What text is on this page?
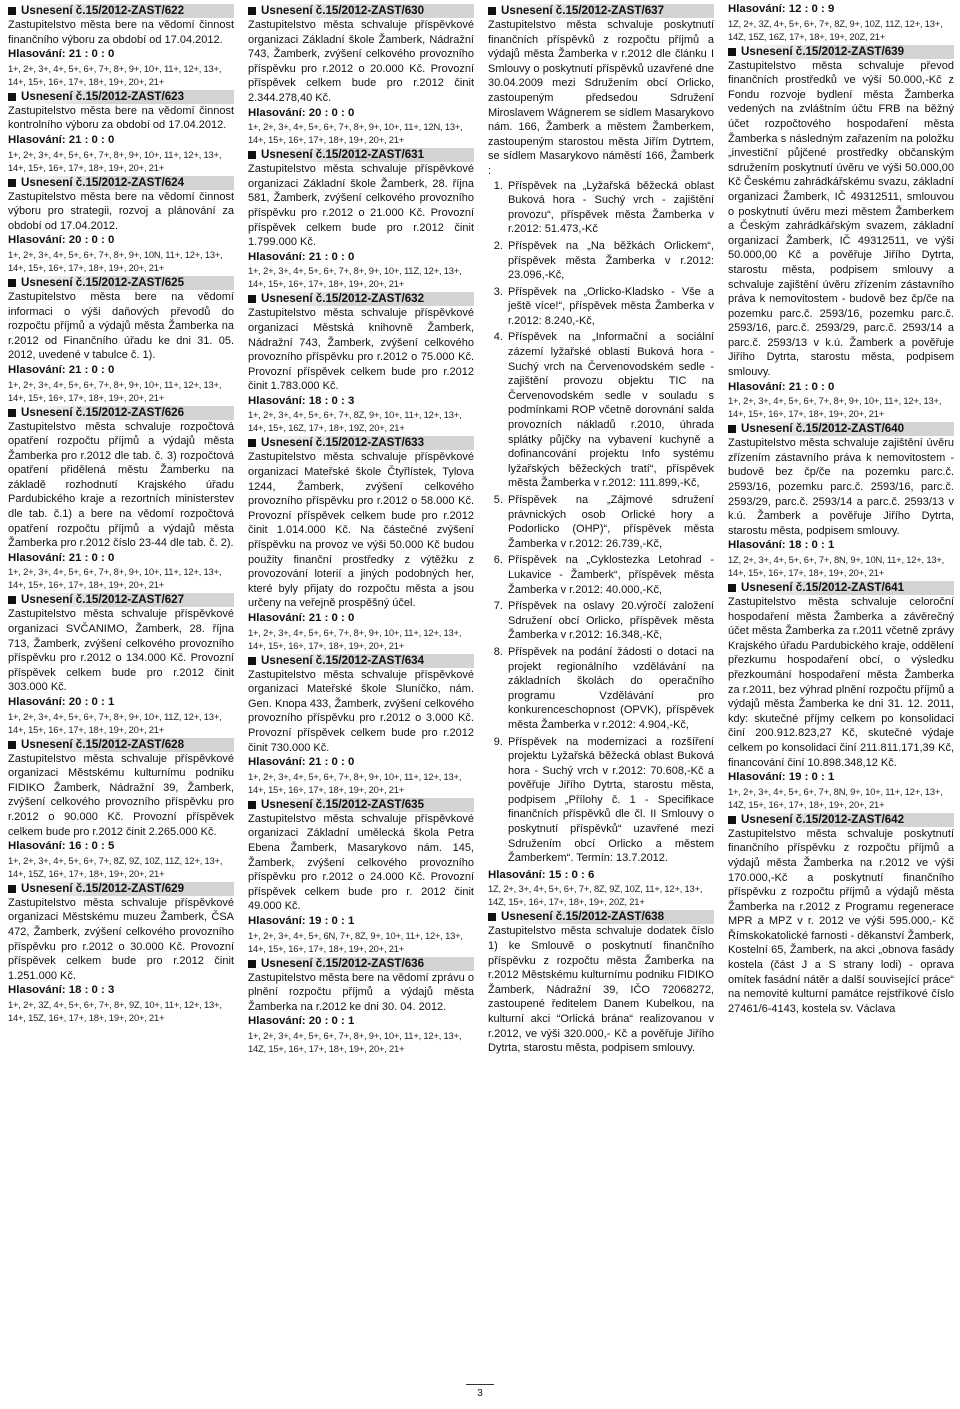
Usnesení č.15/2012-ZAST/622

Zastupitelstvo města bere na vědomí činnost finančního výboru za období od 17.04.2012.

Hlasování: 21 : 0 : 0

1+, 2+, 3+, 4+, 5+, 6+, 7+, 8+, 9+, 10+, 11+, 12+, 13+, 14+, 15+, 16+, 17+, 18+, 19+, 20+, 21+

Usnesení č.15/2012-ZAST/623

Zastupitelstvo města bere na vědomí činnost kontrolního výboru za období od 17.04.2012.

Hlasování: 21 : 0 : 0

1+, 2+, 3+, 4+, 5+, 6+, 7+, 8+, 9+, 10+, 11+, 12+, 13+, 14+, 15+, 16+, 17+, 18+, 19+, 20+, 21+

Usnesení č.15/2012-ZAST/624

Zastupitelstvo města bere na vědomí činnost výboru pro strategii, rozvoj a plánování za období od 17.04.2012.

Hlasování: 20 : 0 : 0

1+, 2+, 3+, 4+, 5+, 6+, 7+, 8+, 9+, 10N, 11+, 12+, 13+, 14+, 15+, 16+, 17+, 18+, 19+, 20+, 21+

Usnesení č.15/2012-ZAST/625

Zastupitelstvo města bere na vědomí informaci o výši daňových převodů do rozpočtu příjmů a výdajů města Žamberka na r.2012 od Finančního úřadu ke dni 31. 05. 2012, uvedené v tabulce č. 1).

Hlasování: 21 : 0 : 0

1+, 2+, 3+, 4+, 5+, 6+, 7+, 8+, 9+, 10+, 11+, 12+, 13+, 14+, 15+, 16+, 17+, 18+, 19+, 20+, 21+

Usnesení č.15/2012-ZAST/626

Zastupitelstvo města schvaluje rozpočtová opatření rozpočtu příjmů a výdajů města Žamberka pro r.2012 dle tab. č. 3) rozpočtová opatření přidělená městu Žamberku na základě rozhodnutí Krajského úřadu Pardubického kraje a rezortních ministerstev dle tab. č.1) a bere na vědomí rozpočtová opatření rozpočtu příjmů a výdajů města Žamberka pro r.2012 číslo 23-44 dle tab. č. 2).

Hlasování: 21 : 0 : 0

1+, 2+, 3+, 4+, 5+, 6+, 7+, 8+, 9+, 10+, 11+, 12+, 13+, 14+, 15+, 16+, 17+, 18+, 19+, 20+, 21+

Usnesení č.15/2012-ZAST/627

Zastupitelstvo města schvaluje příspěvkové organizaci SVČANIMO, Žamberk, 28. října 713, Žamberk, zvýšení celkového provozního příspěvku pro r.2012 o 134.000 Kč. Provozní příspěvek celkem bude pro r.2012 činit 303.000 Kč.

Hlasování: 20 : 0 : 1

1+, 2+, 3+, 4+, 5+, 6+, 7+, 8+, 9+, 10+, 11Z, 12+, 13+, 14+, 15+, 16+, 17+, 18+, 19+, 20+, 21+

Usnesení č.15/2012-ZAST/628

Zastupitelstvo města schvaluje příspěvkové organizaci Městskému kulturnímu podniku FIDIKO Žamberk, Nádražní 39, Žamberk, zvýšení celkového provozního příspěvku pro r.2012 o 90.000 Kč. Provozní příspěvek celkem bude pro r.2012 činit 2.265.000 Kč.

Hlasování: 16 : 0 : 5

1+, 2+, 3+, 4+, 5+, 6+, 7+, 8Z, 9Z, 10Z, 11Z, 12+, 13+, 14+, 15Z, 16+, 17+, 18+, 19+, 20+, 21+

Usnesení č.15/2012-ZAST/629

Zastupitelstvo města schvaluje příspěvkové organizaci Městskému muzeu Žamberk, ČSA 472, Žamberk, zvýšení celkového provozního příspěvku pro r.2012 o 30.000 Kč. Provozní příspěvek celkem bude pro r.2012 činit 1.251.000 Kč.

Hlasování: 18 : 0 : 3

1+, 2+, 3Z, 4+, 5+, 6+, 7+, 8+, 9Z, 10+, 11+, 12+, 13+, 14+, 15Z, 16+, 17+, 18+, 19+, 20+, 21+

Usnesení č.15/2012-ZAST/630

Zastupitelstvo města schvaluje příspěvkové organizaci Základní škole Žamberk, Nádražní 743, Žamberk, zvýšení celkového provozního příspěvku pro r.2012 o 20.000 Kč. Provozní příspěvek celkem bude pro r.2012 činit 2.344.278,40 Kč.

Hlasování: 20 : 0 : 0

1+, 2+, 3+, 4+, 5+, 6+, 7+, 8+, 9+, 10+, 11+, 12N, 13+, 14+, 15+, 16+, 17+, 18+, 19+, 20+, 21+

Usnesení č.15/2012-ZAST/631

Zastupitelstvo města schvaluje příspěvkové organizaci Základní škole Žamberk, 28. října 581, Žamberk, zvýšení celkového provozního příspěvku pro r.2012 o 21.000 Kč. Provozní příspěvek celkem bude pro r.2012 činit 1.799.000 Kč.

Hlasování: 21 : 0 : 0

1+, 2+, 3+, 4+, 5+, 6+, 7+, 8+, 9+, 10+, 11Z, 12+, 13+, 14+, 15+, 16+, 17+, 18+, 19+, 20+, 21+

Usnesení č.15/2012-ZAST/632

Zastupitelstvo města schvaluje příspěvkové organizaci Městská knihovně Žamberk, Nádražní 743, Žamberk, zvýšení celkového provozního příspěvku pro r.2012 o 75.000 Kč. Provozní příspěvek celkem bude pro r.2012 činit 1.783.000 Kč.

Hlasování: 18 : 0 : 3

1+, 2+, 3+, 4+, 5+, 6+, 7+, 8Z, 9+, 10+, 11+, 12+, 13+, 14+, 15+, 16Z, 17+, 18+, 19Z, 20+, 21+

Usnesení č.15/2012-ZAST/633

Zastupitelstvo města schvaluje příspěvkové organizaci Mateřské škole Čtyřlístek, Tylova 1244, Žamberk, zvýšení celkového provozního příspěvku pro r.2012 o 58.000 Kč. Provozní příspěvek celkem bude pro r.2012 činit 1.014.000 Kč. Na částečné zvýšení příspěvku na provoz ve výši 50.000 Kč budou použity finanční prostředky z výtěžku z provozování loterií a jiných podobných her, které byly přijaty do rozpočtu města a jsou určeny na veřejně prospěšný účel.

Hlasování: 21 : 0 : 0

1+, 2+, 3+, 4+, 5+, 6+, 7+, 8+, 9+, 10+, 11+, 12+, 13+, 14+, 15+, 16+, 17+, 18+, 19+, 20+, 21+

Usnesení č.15/2012-ZAST/634

Zastupitelstvo města schvaluje příspěvkové organizaci Mateřské škole Sluníčko, nám. Gen. Knopa 433, Žamberk, zvýšení celkového provozního příspěvku pro r.2012 o 3.000 Kč. Provozní příspěvek celkem bude pro r.2012 činit 730.000 Kč.

Hlasování: 21 : 0 : 0

1+, 2+, 3+, 4+, 5+, 6+, 7+, 8+, 9+, 10+, 11+, 12+, 13+, 14+, 15+, 16+, 17+, 18+, 19+, 20+, 21+

Usnesení č.15/2012-ZAST/635

Zastupitelstvo města schvaluje příspěvkové organizaci Základní umělecká škola Petra Ebena Žamberk, Masarykovo nám. 145, Žamberk, zvýšení celkového provozního příspěvku pro r.2012 o 24.000 Kč. Provozní příspěvek celkem bude pro r. 2012 činit 49.000 Kč.

Hlasování: 19 : 0 : 1

1+, 2+, 3+, 4+, 5+, 6N, 7+, 8Z, 9+, 10+, 11+, 12+, 13+, 14+, 15+, 16+, 17+, 18+, 19+, 20+, 21+

Usnesení č.15/2012-ZAST/636

Zastupitelstvo města bere na vědomí zprávu o plnění rozpočtu příjmů a výdajů města Žamberka na r.2012 ke dni 30. 04. 2012.

Hlasování: 20 : 0 : 1

1+, 2+, 3+, 4+, 5+, 6+, 7+, 8+, 9+, 10+, 11+, 12+, 13+, 14Z, 15+, 16+, 17+, 18+, 19+, 20+, 21+

Usnesení č.15/2012-ZAST/637

Zastupitelstvo města schvaluje poskytnutí finančních příspěvků z rozpočtu příjmů a výdajů města Žamberka v r.2012 dle článku I Smlouvy o poskytnutí příspěvků uzavřené dne 30.04.2009 mezi Sdružením obcí Orlicko, zastoupeným předsedou Sdružení Miroslavem Wágnerem se sídlem Masarykovo nám. 166, Žamberk a městem Žamberkem, zastoupeným starostou města Jiřím Dytrtem, se sídlem Masarykovo náměstí 166, Žamberk :

1. Příspěvek na „Lyžařská běžecká oblast Buková hora - Suchý vrch - zajištění provozu“, příspěvek města Žamberka v r.2012: 51.473,-Kč
2. Příspěvek na „Na běžkách Orlickem“, příspěvek města Žamberka v r.2012: 23.096,-Kč,
3. Příspěvek na „Orlicko-Kladsko - Vše a ještě více!“, příspěvek města Žamberka v r.2012: 8.240,-Kč,
4. Příspěvek na „Informační a sociální zázemí lyžařské oblasti Buková hora - Suchý vrch na Červenovodském sedle - zajištění provozu objektu TIC na Červenovodském sedle v souladu s podmínkami ROP včetně dorovnání salda provozních nákladů r.2010, úhrada splátky půjčky na vybavení kuchyně a dofinancování projektu Info systému lyžařských běžeckých tratí“, příspěvek města Žamberka v r.2012: 111.899,-Kč,
5. Příspěvek na „Zájmové sdružení právnických osob Orlické hory a Podorlicko (OHP)“, příspěvek města Žamberka v r.2012: 26.739,-Kč,
6. Příspěvek na „Cyklostezka Letohrad - Lukavice - Žamberk“, příspěvek města Žamberka v r.2012: 40.000,-Kč,
7. Příspěvek na oslavy 20.výročí založení Sdružení obcí Orlicko, příspěvek města Žamberka v r.2012: 16.348,-Kč,
8. Příspěvek na podání žádosti o dotaci na projekt regionálního vzdělávání na základních školách do operačního programu Vzdělávání pro konkurenceschopnost (OPVK), příspěvek města Žamberka v r.2012: 4.904,-Kč,
9. Příspěvek na modernizaci a rozšíření projektu Lyžařská běžecká oblast Buková hora - Suchý vrch v r.2012: 70.608,-Kč a pověřuje Jiřího Dytrta, starostu města, podpisem „Přílohy č. 1 - Specifikace finančních příspěvků dle čl. II Smlouvy o poskytnutí příspěvků“ uzavřené mezi Sdružením obcí Orlicko a městem Žamberkem“. Termín: 13.7.2012.

Hlasování: 15 : 0 : 6

1Z, 2+, 3+, 4+, 5+, 6+, 7+, 8Z, 9Z, 10Z, 11+, 12+, 13+, 14Z, 15+, 16+, 17+, 18+, 19+, 20Z, 21+

Usnesení č.15/2012-ZAST/638

Zastupitelstvo města schvaluje dodatek číslo 1) ke Smlouvě o poskytnutí finančního příspěvku z rozpočtu města Žamberka na r.2012 Městskému kulturnímu podniku FIDIKO Žamberk, Nádražní 39, IČO 72068272, zastoupené ředitelem Danem Kubelkou, na kulturní akci “Orlická brána“ realizovanou v r.2012, ve výši 320.000,- Kč a pověřuje Jiřího Dytrta, starostu města, podpisem smlouvy.

Hlasování: 12 : 0 : 9

1Z, 2+, 3Z, 4+, 5+, 6+, 7+, 8Z, 9+, 10Z, 11Z, 12+, 13+, 14Z, 15Z, 16Z, 17+, 18+, 19+, 20Z, 21+

Usnesení č.15/2012-ZAST/639

Zastupitelstvo města schvaluje převod finančních prostředků ve výši 50.000,-Kč z Fondu rozvoje bydlení města Žamberka vedených na zvláštním účtu FRB na běžný účet rozpočtového hospodaření města Žamberka s následným zařazením na položku „investiční půjčené prostředky občanským sdružením poskytnutí úvěru ve výši 50.000,00 Kč Českému zahrádkářskému svazu, základní organizaci Žamberk, IČ 49312511, smlouvou o poskytnutí úvěru mezi městem Žamberkem a Českým zahrádkářským svazem, základní organizací Žamberk, IČ 49312511, ve výši 50.000,00 Kč a pověřuje Jiřího Dytrta, starostu města, podpisem smlouvy a schvaluje zajištění úvěru zřízením zástavního práva k nemovitostem - budově bez čp/če na pozemku parc.č. 2593/16, pozemku parc.č. 2593/16, parc.č. 2593/29, parc.č. 2593/14 a parc.č. 2593/13 v k.ú. Žamberk a pověřuje Jiřího Dytrta, starostu města, podpisem smlouvy.

Hlasování: 21 : 0 : 0

1+, 2+, 3+, 4+, 5+, 6+, 7+, 8+, 9+, 10+, 11+, 12+, 13+, 14+, 15+, 16+, 17+, 18+, 19+, 20+, 21+

Usnesení č.15/2012-ZAST/640

Zastupitelstvo města schvaluje zajištění úvěru zřízením zástavního práva k nemovitostem - budově bez čp/če na pozemku parc.č. 2593/16, pozemku parc.č. 2593/16, parc.č. 2593/29, parc.č. 2593/14 a parc.č. 2593/13 v k.ú. Žamberk a pověřuje Jiřího Dytrta, starostu města, podpisem smlouvy.

Hlasování: 18 : 0 : 1

1Z, 2+, 3+, 4+, 5+, 6+, 7+, 8N, 9+, 10N, 11+, 12+, 13+, 14+, 15+, 16+, 17+, 18+, 19+, 20+, 21+

Usnesení č.15/2012-ZAST/641

Zastupitelstvo města schvaluje celoroční hospodaření města Žamberka a závěrečný účet města Žamberka za r.2011 včetně zprávy Krajského úřadu Pardubického kraje, oddělení přezkumu hospodaření obcí, o výsledku přezkoumání hospodaření města Žamberka za r.2011, bez výhrad plnění rozpočtu příjmů a výdajů města Žamberka ke dni 31. 12. 2011, kdy: skutečné příjmy celkem po konsolidaci činí 200.912.823,27 Kč, skutečné výdaje celkem po konsolidaci činí 211.811.171,39 Kč, financování činí 10.898.348,12 Kč.

Hlasování: 19 : 0 : 1

1+, 2+, 3+, 4+, 5+, 6+, 7+, 8N, 9+, 10+, 11+, 12+, 13+, 14Z, 15+, 16+, 17+, 18+, 19+, 20+, 21+

Usnesení č.15/2012-ZAST/642

Zastupitelstvo města schvaluje poskytnutí finančního příspěvku z rozpočtu příjmů a výdajů města Žamberka na r.2012 ve výši 170.000,-Kč a poskytnutí finančního příspěvku z rozpočtu příjmů a výdajů města Žamberka na r.2012 z Programu regenerace MPR a MPZ v r. 2012 ve výši 595.000,- Kč Římskokatolické farnosti - děkanství Žamberk, Kostelní 65, Žamberk, na akci „obnova fasády kostela (část J a S strany lodi) - oprava omítek fasádní nátěr a další související práce“ na nemovité kulturní památce rejstříkové číslo 27461/6-4143, kostela sv. Václava

3
